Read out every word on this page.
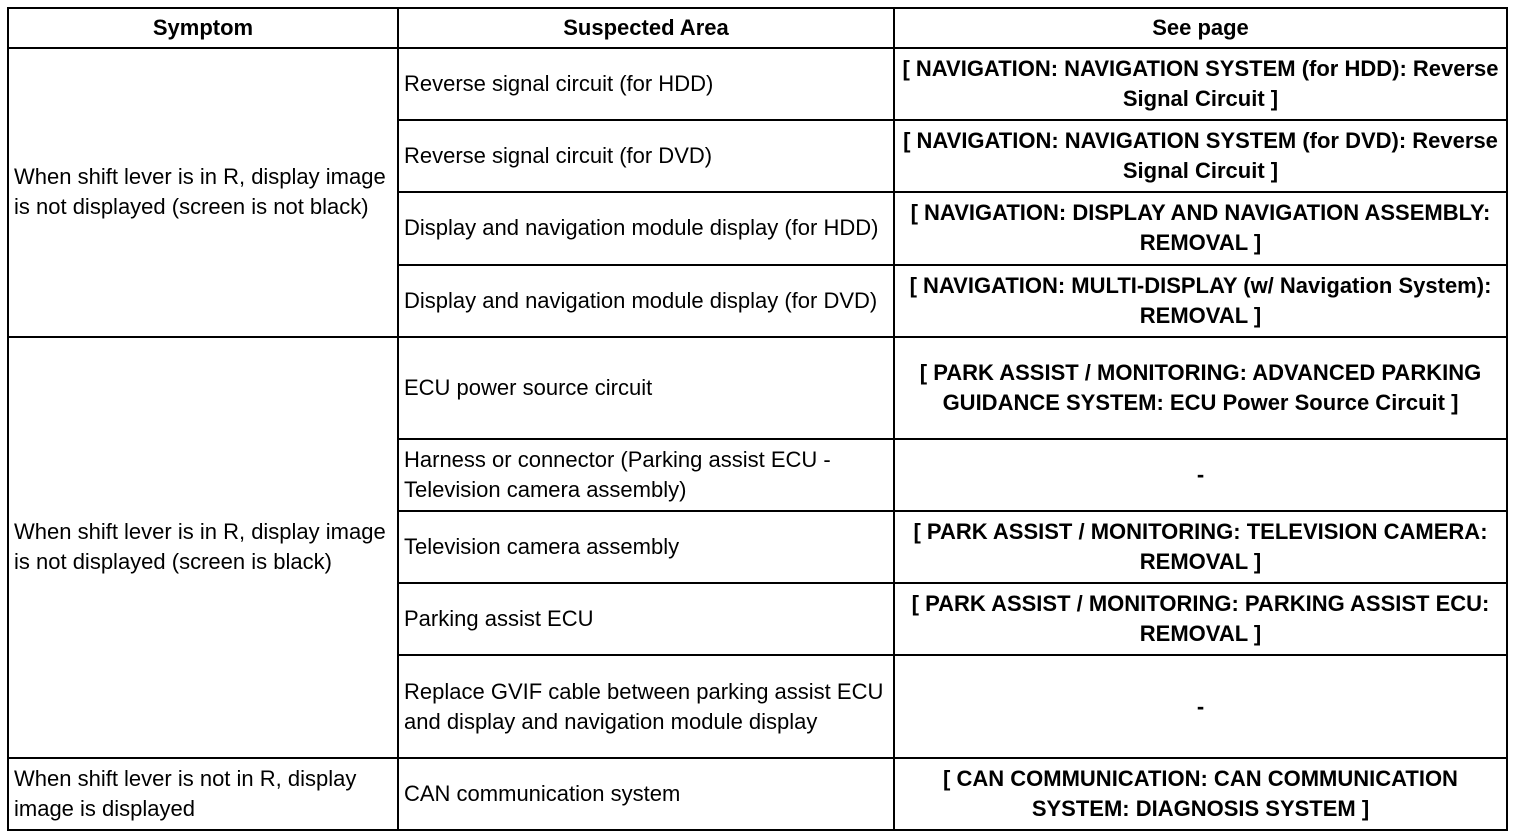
Symptom	Suspected Area	See page
When shift lever is in R, display image is not displayed (screen is not black)	Reverse signal circuit (for HDD)	[ NAVIGATION: NAVIGATION SYSTEM (for HDD): Reverse Signal Circuit ]
	Reverse signal circuit (for DVD)	[ NAVIGATION: NAVIGATION SYSTEM (for DVD): Reverse Signal Circuit ]
	Display and navigation module display (for HDD)	[ NAVIGATION: DISPLAY AND NAVIGATION ASSEMBLY: REMOVAL ]
	Display and navigation module display (for DVD)	[ NAVIGATION: MULTI-DISPLAY (w/ Navigation System): REMOVAL ]
When shift lever is in R, display image is not displayed (screen is black)	ECU power source circuit	[ PARK ASSIST / MONITORING: ADVANCED PARKING GUIDANCE SYSTEM: ECU Power Source Circuit ]
	Harness or connector (Parking assist ECU - Television camera assembly)	-
	Television camera assembly	[ PARK ASSIST / MONITORING: TELEVISION CAMERA: REMOVAL ]
	Parking assist ECU	[ PARK ASSIST / MONITORING: PARKING ASSIST ECU: REMOVAL ]
	Replace GVIF cable between parking assist ECU and display and navigation module display	-
When shift lever is not in R, display image is displayed	CAN communication system	[ CAN COMMUNICATION: CAN COMMUNICATION SYSTEM: DIAGNOSIS SYSTEM ]
